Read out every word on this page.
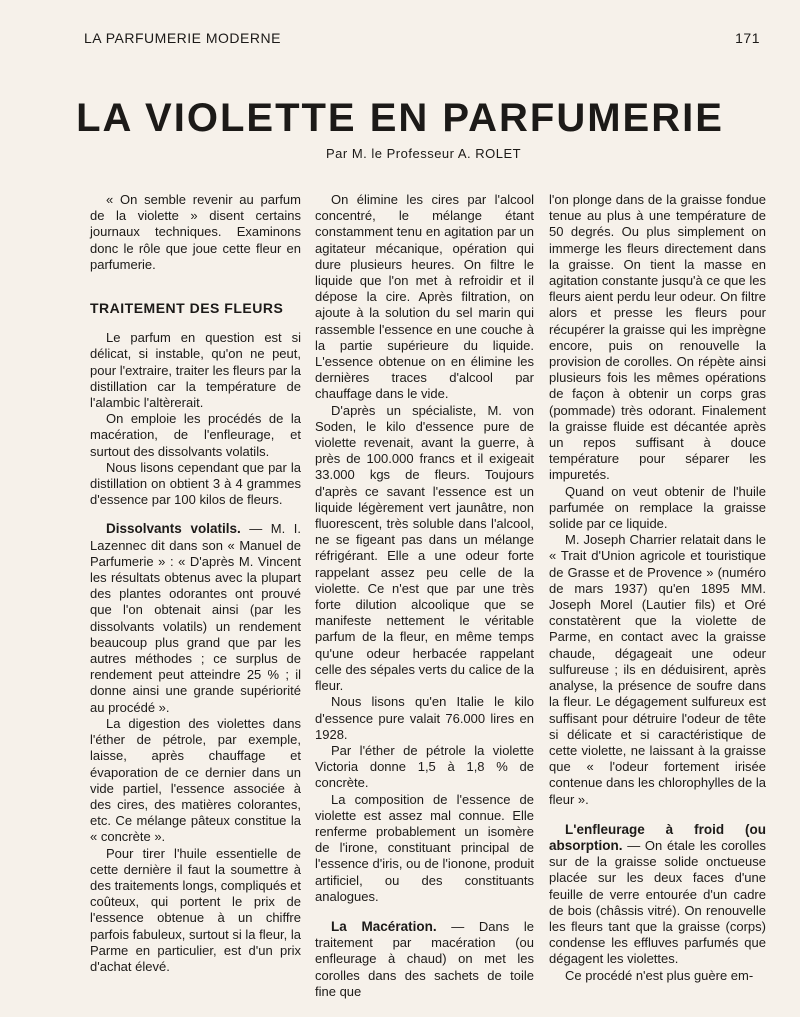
LA PARFUMERIE MODERNE	171
LA VIOLETTE EN PARFUMERIE
Par M. le Professeur A. ROLET

« On semble revenir au parfum de la violette » disent certains journaux techniques. Examinons donc le rôle que joue cette fleur en parfumerie.

TRAITEMENT DES FLEURS

Le parfum en question est si délicat, si instable, qu'on ne peut, pour l'extraire, traiter les fleurs par la distillation car la température de l'alambic l'altèrerait.

On emploie les procédés de la macération, de l'enfleurage, et surtout des dissolvants volatils.

Nous lisons cependant que par la distillation on obtient 3 à 4 grammes d'essence par 100 kilos de fleurs.

Dissolvants volatils. — M. I. Lazennec dit dans son « Manuel de Parfumerie » : « D'après M. Vincent les résultats obtenus avec la plupart des plantes odorantes ont prouvé que l'on obtenait ainsi (par les dissolvants volatils) un rendement beaucoup plus grand que par les autres méthodes ; ce surplus de rendement peut atteindre 25 % ; il donne ainsi une grande supériorité au procédé ».

La digestion des violettes dans l'éther de pétrole, par exemple, laisse, après chauffage et évaporation de ce dernier dans un vide partiel, l'essence associée à des cires, des matières colorantes, etc. Ce mélange pâteux constitue la « concrète ».

Pour tirer l'huile essentielle de cette dernière il faut la soumettre à des traitements longs, compliqués et coûteux, qui portent le prix de l'essence obtenue à un chiffre parfois fabuleux, surtout si la fleur, la Parme en particulier, est d'un prix d'achat élevé.

On élimine les cires par l'alcool concentré, le mélange étant constamment tenu en agitation par un agitateur mécanique, opération qui dure plusieurs heures. On filtre le liquide que l'on met à refroidir et il dépose la cire. Après filtration, on ajoute à la solution du sel marin qui rassemble l'essence en une couche à la partie supérieure du liquide. L'essence obtenue on en élimine les dernières traces d'alcool par chauffage dans le vide.

D'après un spécialiste, M. von Soden, le kilo d'essence pure de violette revenait, avant la guerre, à près de 100.000 francs et il exigeait 33.000 kgs de fleurs. Toujours d'après ce savant l'essence est un liquide légèrement vert jaunâtre, non fluorescent, très soluble dans l'alcool, ne se figeant pas dans un mélange réfrigérant. Elle a une odeur forte rappelant assez peu celle de la violette. Ce n'est que par une très forte dilution alcoolique que se manifeste nettement le véritable parfum de la fleur, en même temps qu'une odeur herbacée rappelant celle des sépales verts du calice de la fleur.

Nous lisons qu'en Italie le kilo d'essence pure valait 76.000 lires en 1928.

Par l'éther de pétrole la violette Victoria donne 1,5 à 1,8 % de concrète.

La composition de l'essence de violette est assez mal connue. Elle renferme probablement un isomère de l'irone, constituant principal de l'essence d'iris, ou de l'ionone, produit artificiel, ou des constituants analogues.

La Macération. — Dans le traitement par macération (ou enfleurage à chaud) on met les corolles dans des sachets de toile fine que

l'on plonge dans de la graisse fondue tenue au plus à une température de 50 degrés. Ou plus simplement on immerge les fleurs directement dans la graisse. On tient la masse en agitation constante jusqu'à ce que les fleurs aient perdu leur odeur. On filtre alors et presse les fleurs pour récupérer la graisse qui les imprègne encore, puis on renouvelle la provision de corolles. On répète ainsi plusieurs fois les mêmes opérations de façon à obtenir un corps gras (pommade) très odorant. Finalement la graisse fluide est décantée après un repos suffisant à douce température pour séparer les impuretés.

Quand on veut obtenir de l'huile parfumée on remplace la graisse solide par ce liquide.

M. Joseph Charrier relatait dans le « Trait d'Union agricole et touristique de Grasse et de Provence » (numéro de mars 1937) qu'en 1895 MM. Joseph Morel (Lautier fils) et Oré constatèrent que la violette de Parme, en contact avec la graisse chaude, dégageait une odeur sulfureuse ; ils en déduisirent, après analyse, la présence de soufre dans la fleur. Le dégagement sulfureux est suffisant pour détruire l'odeur de tête si délicate et si caractéristique de cette violette, ne laissant à la graisse que « l'odeur fortement irisée contenue dans les chlorophylles de la fleur ».

L'enfleurage à froid (ou absorption. — On étale les corolles sur de la graisse solide onctueuse placée sur les deux faces d'une feuille de verre entourée d'un cadre de bois (châssis vitré). On renouvelle les fleurs tant que la graisse (corps) condense les effluves parfumés que dégagent les violettes.

Ce procédé n'est plus guère em-
